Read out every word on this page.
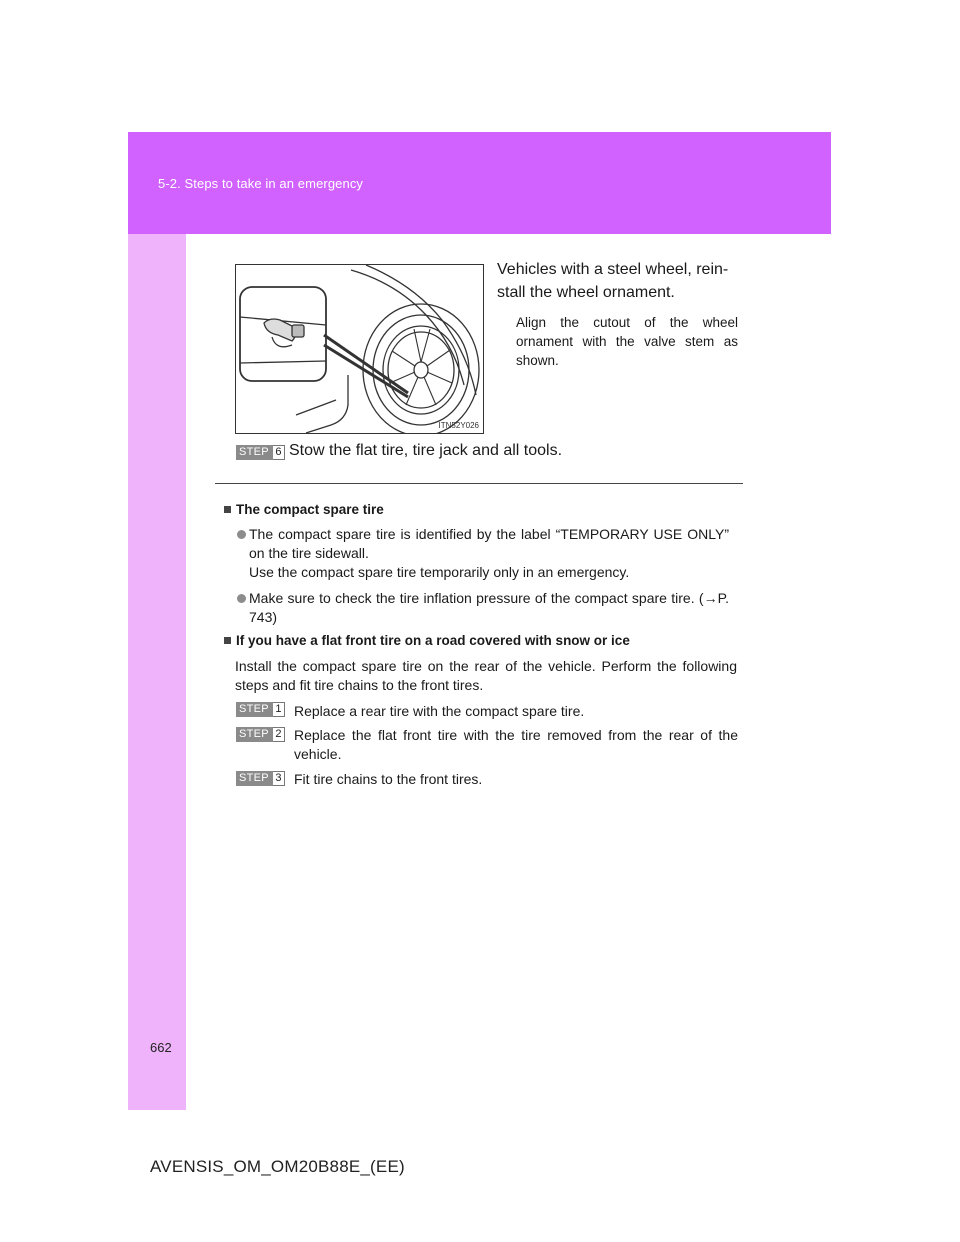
5-2. Steps to take in an emergency
ITN52Y026
Vehicles with a steel wheel, rein-stall the wheel ornament.
Align the cutout of the wheel ornament with the valve stem as shown.
STEP 6 Stow the flat tire, tire jack and all tools.
The compact spare tire
The compact spare tire is identified by the label “TEMPORARY USE ONLY” on the tire sidewall.
Use the compact spare tire temporarily only in an emergency.
Make sure to check the tire inflation pressure of the compact spare tire. (→P. 743)
If you have a flat front tire on a road covered with snow or ice
Install the compact spare tire on the rear of the vehicle. Perform the following steps and fit tire chains to the front tires.
STEP 1 Replace a rear tire with the compact spare tire.
STEP 2 Replace the flat front tire with the tire removed from the rear of the vehicle.
STEP 3 Fit tire chains to the front tires.
662
AVENSIS_OM_OM20B88E_(EE)
